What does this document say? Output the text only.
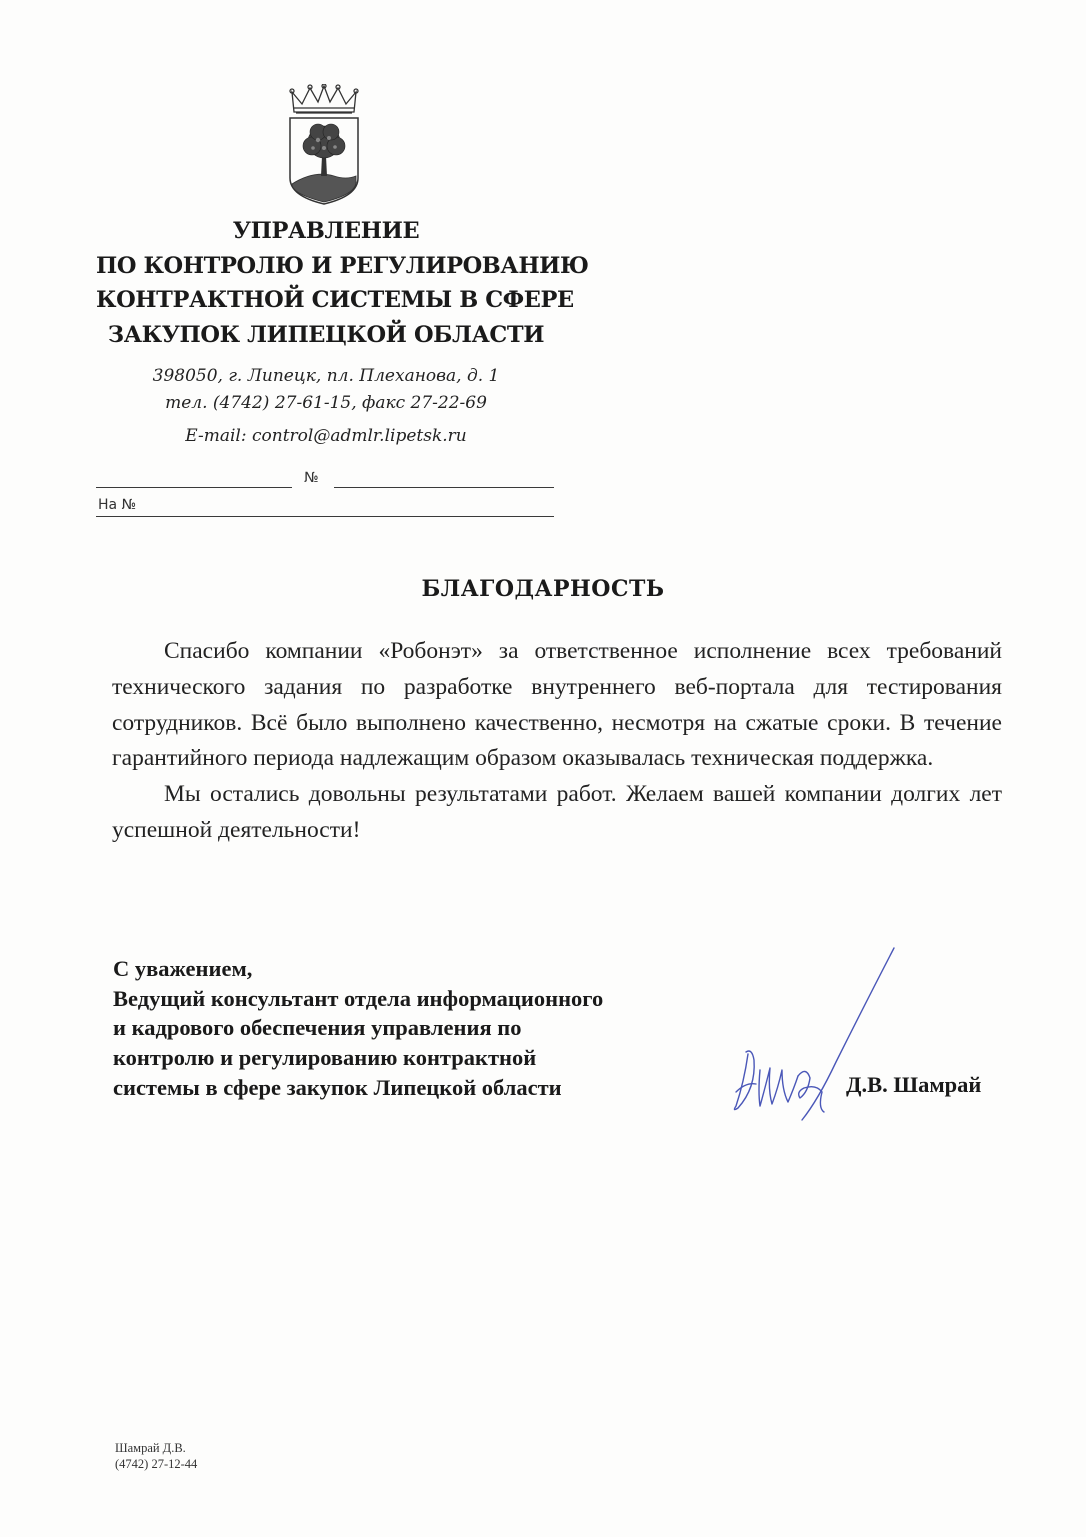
УПРАВЛЕНИЕ
ПО КОНТРОЛЮ И РЕГУЛИРОВАНИЮ
КОНТРАКТНОЙ СИСТЕМЫ В СФЕРЕ
ЗАКУПОК ЛИПЕЦКОЙ ОБЛАСТИ
398050, г. Липецк, пл. Плеханова, д. 1
тел. (4742) 27-61-15, факс 27-22-69
E-mail: control@admlr.lipetsk.ru
№
На №
БЛАГОДАРНОСТЬ

Спасибо компании «Робонэт» за ответственное исполнение всех требований технического задания по разработке внутреннего веб-портала для тестирования сотрудников. Всё было выполнено качественно, несмотря на сжатые сроки. В течение гарантийного периода надлежащим образом оказывалась техническая поддержка.

Мы остались довольны результатами работ. Желаем вашей компании долгих лет успешной деятельности!

С уважением,
Ведущий консультант отдела информационного
и кадрового обеспечения управления по
контролю и регулированию контрактной
системы в сфере закупок Липецкой области	Д.В. Шамрай
Шамрай Д.В.
(4742) 27-12-44
